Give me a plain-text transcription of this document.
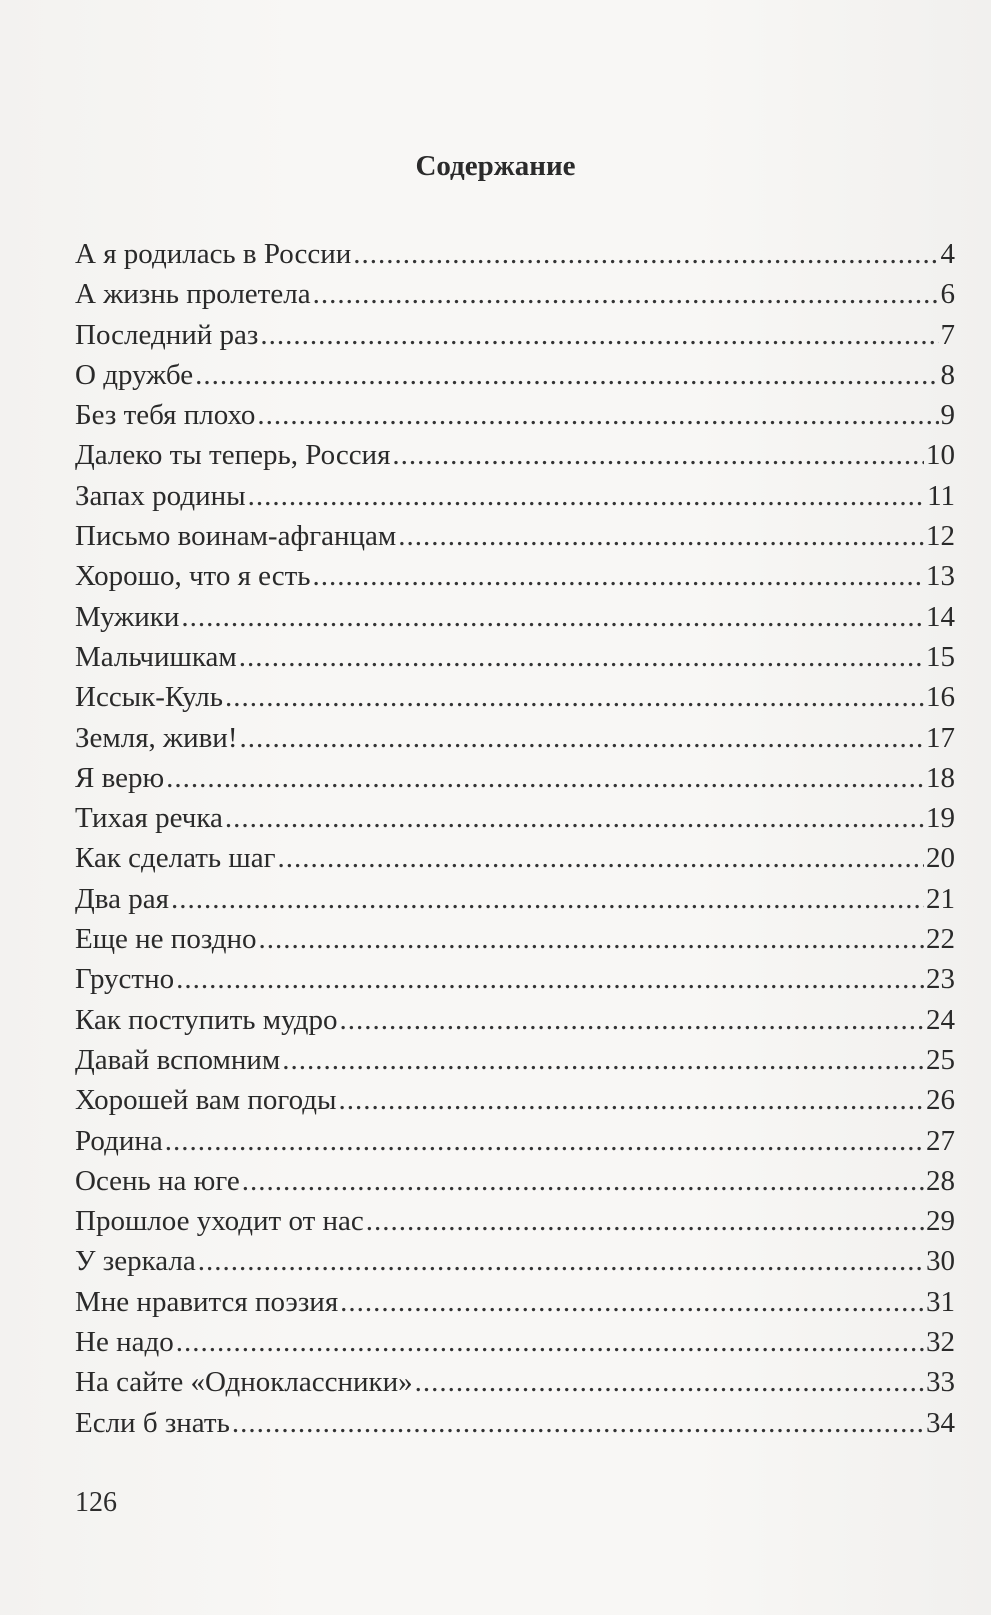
Содержание
А я родилась в России .....	4
А жизнь пролетела .....	6
Последний раз .....	7
О дружбе .....	8
Без тебя плохо .....	9
Далеко ты теперь, Россия .....	10
Запах родины .....	11
Письмо воинам-афганцам .....	12
Хорошо, что я есть .....	13
Мужики .....	14
Мальчишкам .....	15
Иссык-Куль .....	16
Земля, живи! .....	17
Я верю .....	18
Тихая речка .....	19
Как сделать шаг .....	20
Два рая .....	21
Еще не поздно .....	22
Грустно .....	23
Как поступить мудро .....	24
Давай вспомним .....	25
Хорошей вам погоды .....	26
Родина .....	27
Осень на юге .....	28
Прошлое уходит от нас .....	29
У зеркала .....	30
Мне нравится поэзия .....	31
Не надо .....	32
На сайте «Одноклассники» .....	33
Если б знать .....	34
126
